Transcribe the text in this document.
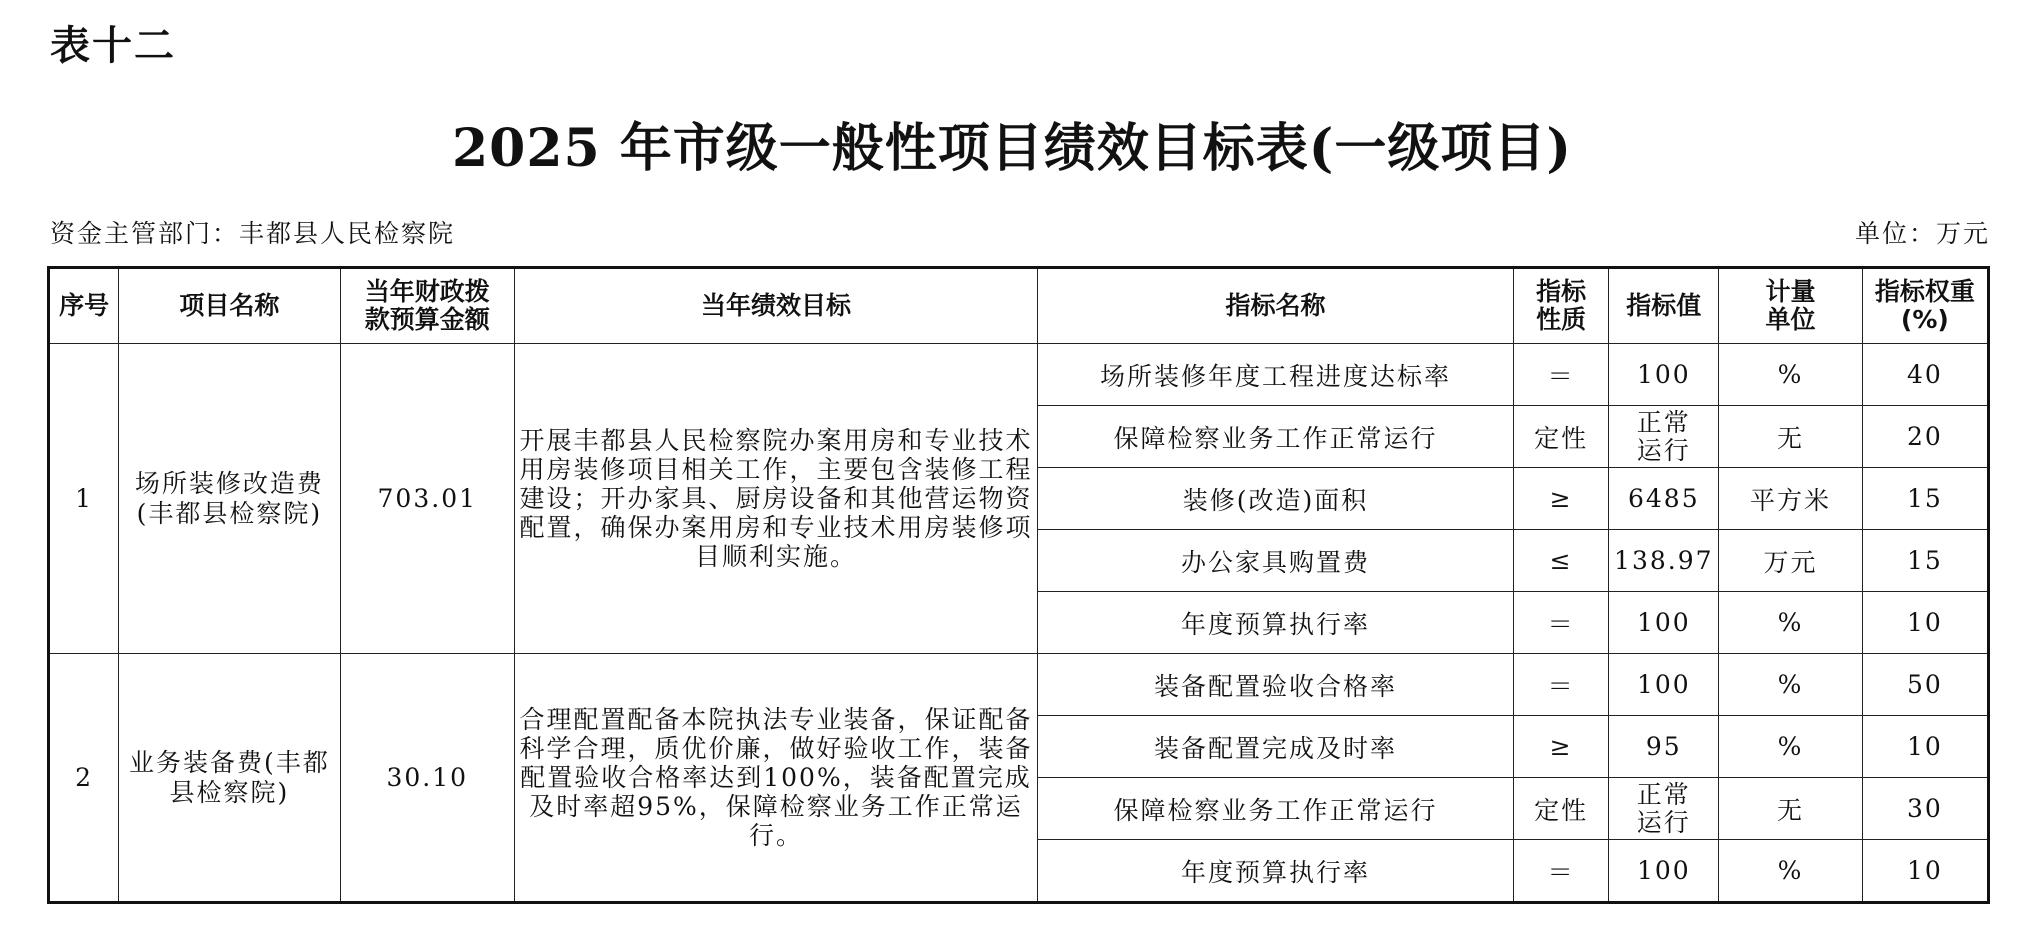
表十二
2025 年市级一般性项目绩效目标表(一级项目)
资金主管部门：丰都县人民检察院	单位：万元
序号	项目名称	当年财政拨款预算金额	当年绩效目标	指标名称	指标性质	指标值	计量单位	指标权重(%)
1	场所装修改造费(丰都县检察院)	703.01	开展丰都县人民检察院办案用房和专业技术用房装修项目相关工作，主要包含装修工程建设；开办家具、厨房设备和其他营运物资配置，确保办案用房和专业技术用房装修项目顺利实施。	场所装修年度工程进度达标率	＝	100	%	40
				保障检察业务工作正常运行	定性	正常运行	无	20
				装修(改造)面积	≥	6485	平方米	15
				办公家具购置费	≤	138.97	万元	15
				年度预算执行率	＝	100	%	10
2	业务装备费(丰都县检察院)	30.10	合理配置配备本院执法专业装备，保证配备科学合理，质优价廉，做好验收工作，装备配置验收合格率达到100%，装备配置完成及时率超95%，保障检察业务工作正常运行。	装备配置验收合格率	＝	100	%	50
				装备配置完成及时率	≥	95	%	10
				保障检察业务工作正常运行	定性	正常运行	无	30
				年度预算执行率	＝	100	%	10
